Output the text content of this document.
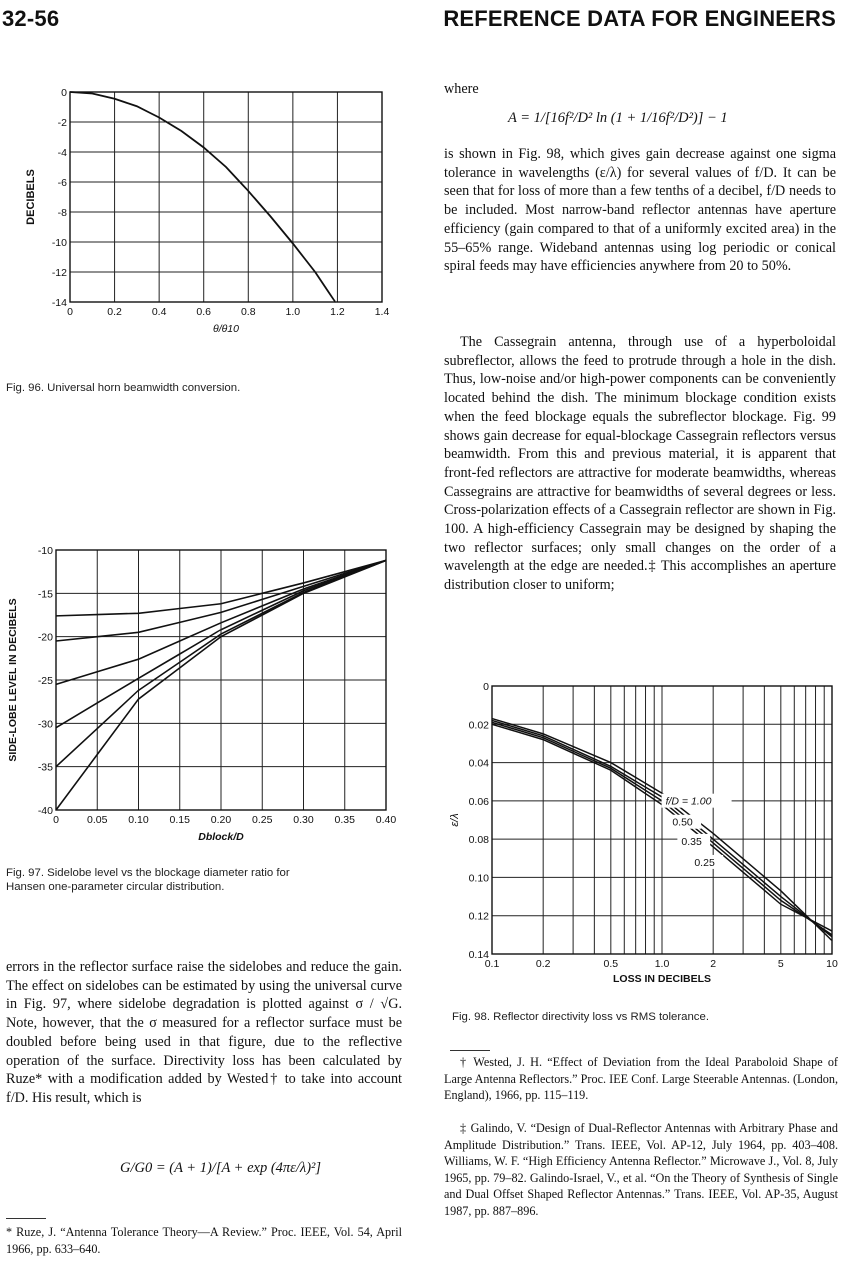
32-56	REFERENCE DATA FOR ENGINEERS
0
-2
-4
-6
-8
-10
-12
-14
0	0.2	0.4	0.6	0.8	1.0	1.2	1.4
DECIBELS
θ/θ10
Fig. 96. Universal horn beamwidth conversion.
-10
-15
-20
-25
-30
-35
-40
0	0.05 0.10 0.15 0.20 0.25 0.30 0.35 0.40
SIDE-LOBE LEVEL IN DECIBELS
Dblock/D
Fig. 97. Sidelobe level vs the blockage diameter ratio for
Hansen one-parameter circular distribution.
errors in the reflector surface raise the sidelobes and reduce the gain. The effect on sidelobes can be estimated by using the universal curve in Fig. 97, where sidelobe degradation is plotted against σ / √G. Note, however, that the σ measured for a reflector surface must be doubled before being used in that figure, due to the reflective operation of the surface. Directivity loss has been calculated by Ruze* with a modification added by Wested† to take into account f/D. His result, which is
G/G0 = (A + 1)/[A + exp (4πε/λ)²]
* Ruze, J. “Antenna Tolerance Theory—A Review.” Proc. IEEE, Vol. 54, April 1966, pp. 633–640.
where
A = 1/[16f²/D² ln (1 + 1/16f²/D²)] − 1
is shown in Fig. 98, which gives gain decrease against one sigma tolerance in wavelengths (ε/λ) for several values of f/D. It can be seen that for loss of more than a few tenths of a decibel, f/D needs to be included. Most narrow-band reflector antennas have aperture efficiency (gain compared to that of a uniformly excited area) in the 55–65% range. Wideband antennas using log periodic or conical spiral feeds may have efficiencies anywhere from 20 to 50%.
The Cassegrain antenna, through use of a hyperboloidal subreflector, allows the feed to protrude through a hole in the dish. Thus, low-noise and/or high-power components can be conveniently located behind the dish. The minimum blockage condition exists when the feed blockage equals the subreflector blockage. Fig. 99 shows gain decrease for equal-blockage Cassegrain reflectors versus beamwidth. From this and previous material, it is apparent that front-fed reflectors are attractive for moderate beamwidths, whereas Cassegrains are attractive for beamwidths of several degrees or less. Cross-polarization effects of a Cassegrain reflector are shown in Fig. 100. A high-efficiency Cassegrain may be designed by shaping the two reflector surfaces; only small changes on the order of a wavelength at the edge are needed.‡ This accomplishes an aperture distribution closer to uniform;
0
0.02
0.04
0.06
0.08
0.10
0.12
0.14
0.1	0.2	0.5	1.0	2	5	10
ε/λ
LOSS IN DECIBELS
f/D = 1.00
0.50
0.35
0.25
Fig. 98. Reflector directivity loss vs RMS tolerance.
† Wested, J. H. “Effect of Deviation from the Ideal Paraboloid Shape of Large Antenna Reflectors.” Proc. IEE Conf. Large Steerable Antennas. (London, England), 1966, pp. 115–119.
‡ Galindo, V. “Design of Dual-Reflector Antennas with Arbitrary Phase and Amplitude Distribution.” Trans. IEEE, Vol. AP-12, July 1964, pp. 403–408. Williams, W. F. “High Efficiency Antenna Reflector.” Microwave J., Vol. 8, July 1965, pp. 79–82. Galindo-Israel, V., et al. “On the Theory of Synthesis of Single and Dual Offset Shaped Reflector Antennas.” Trans. IEEE, Vol. AP-35, August 1987, pp. 887–896.
